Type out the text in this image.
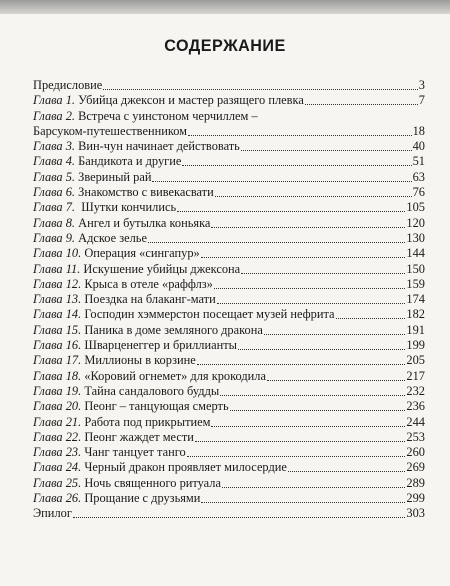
СОДЕРЖАНИЕ
Предисловие	3
Глава 1. Убийца джексон и мастер разящего плевка	7
Глава 2. Встреча с уинстоном черчиллем –
Барсуком-путешественником	18
Глава 3. Вин-чун начинает действовать	40
Глава 4. Бандикота и другие	51
Глава 5. Звериный рай	63
Глава 6. Знакомство с вивекасвати	76
Глава 7.  Шутки кончились	105
Глава 8. Ангел и бутылка коньяка	120
Глава 9. Адское зелье	130
Глава 10. Операция «сингапур»	144
Глава 11. Искушение убийцы джексона	150
Глава 12. Крыса в отеле «раффлз»	159
Глава 13. Поездка на блаканг-мати	174
Глава 14. Господин хэммерстон посещает музей нефрита	182
Глава 15. Паника в доме земляного дракона	191
Глава 16. Шварценеггер и бриллианты	199
Глава 17. Миллионы в корзине	205
Глава 18. «Коровий огнемет» для крокодила	217
Глава 19. Тайна сандалового будды	232
Глава 20. Пеонг – танцующая смерть	236
Глава 21. Работа под прикрытием	244
Глава 22. Пеонг жаждет мести	253
Глава 23. Чанг танцует танго	260
Глава 24. Черный дракон проявляет милосердие	269
Глава 25. Ночь священного ритуала	289
Глава 26. Прощание с друзьями	299
Эпилог	303
